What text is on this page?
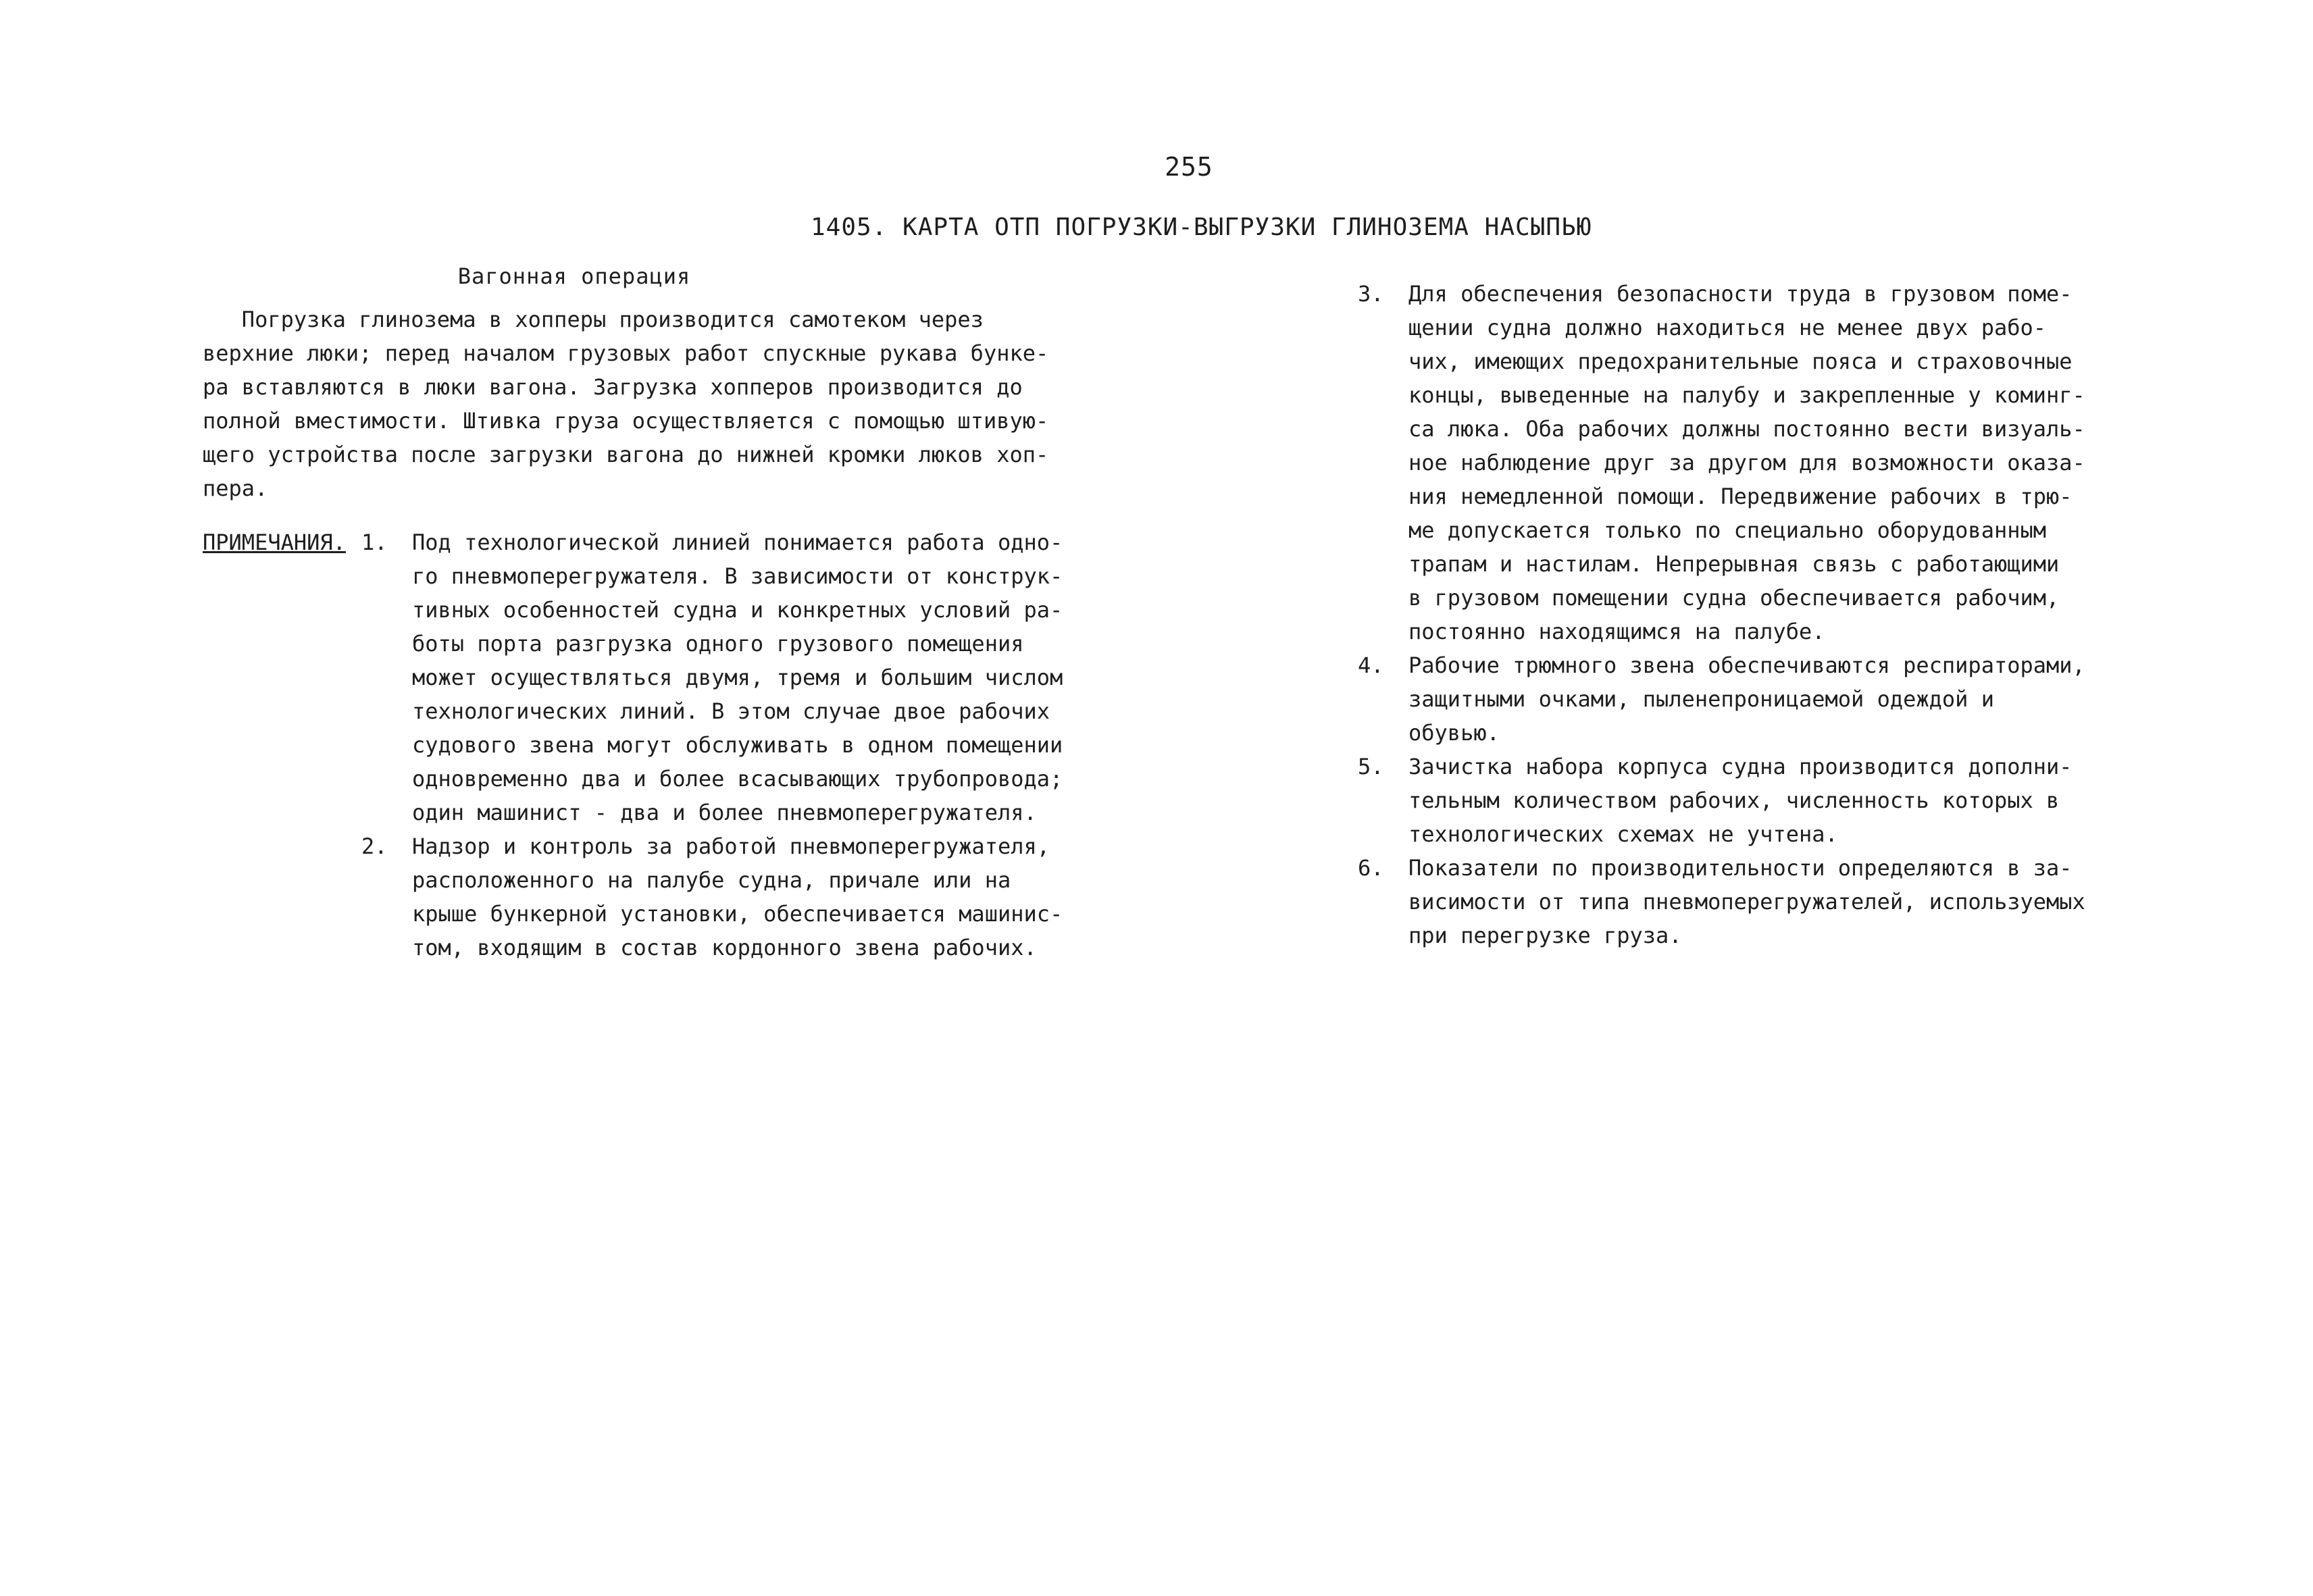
255
1405. КАРТА ОТП ПОГРУЗКИ-ВЫГРУЗКИ ГЛИНОЗЕМА НАСЫПЬЮ
Вагонная операция
Погрузка глинозема в хопперы производится самотеком через
верхние люки; перед началом грузовых работ спускные рукава бунке-
ра вставляются в люки вагона. Загрузка хопперов производится до
полной вместимости. Штивка груза осуществляется с помощью штивую-
щего устройства после загрузки вагона до нижней кромки люков хоп-
пера.
ПРИМЕЧАНИЯ. 1. Под технологической линией понимается работа одно-
го пневмоперегружателя. В зависимости от конструк-
тивных особенностей судна и конкретных условий ра-
боты порта разгрузка одного грузового помещения
может осуществляться двумя, тремя и большим числом
технологических линий. В этом случае двое рабочих
судового звена могут обслуживать в одном помещении
одновременно два и более всасывающих трубопровода;
один машинист - два и более пневмоперегружателя.
2. Надзор и контроль за работой пневмоперегружателя,
расположенного на палубе судна, причале или на
крыше бункерной установки, обеспечивается машинис-
том, входящим в состав кордонного звена рабочих.
3. Для обеспечения безопасности труда в грузовом поме-
щении судна должно находиться не менее двух рабо-
чих, имеющих предохранительные пояса и страховочные
концы, выведенные на палубу и закрепленные у коминг-
са люка. Оба рабочих должны постоянно вести визуаль-
ное наблюдение друг за другом для возможности оказа-
ния немедленной помощи. Передвижение рабочих в трю-
ме допускается только по специально оборудованным
трапам и настилам. Непрерывная связь с работающими
в грузовом помещении судна обеспечивается рабочим,
постоянно находящимся на палубе.
4. Рабочие трюмного звена обеспечиваются респираторами,
защитными очками, пыленепроницаемой одеждой и
обувью.
5. Зачистка набора корпуса судна производится дополни-
тельным количеством рабочих, численность которых в
технологических схемах не учтена.
6. Показатели по производительности определяются в за-
висимости от типа пневмоперегружателей, используемых
при перегрузке груза.
